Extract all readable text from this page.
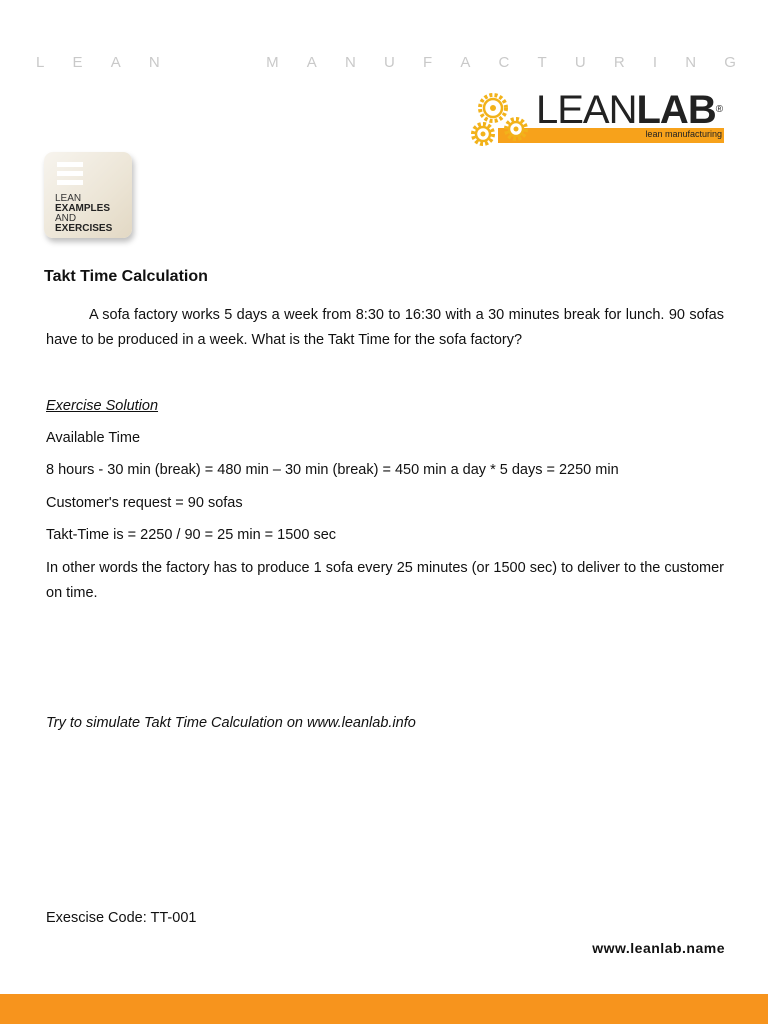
L E A N	M A N U F A C T U R I N G
LEANLAB®
lean manufacturing
LEAN
EXAMPLES
AND
EXERCISES
Takt Time Calculation
A sofa factory works 5 days a week from 8:30 to 16:30 with a 30 minutes break for lunch. 90 sofas have to be produced in a week. What is the Takt Time for the sofa factory?
Exercise Solution
Available Time
8 hours - 30 min (break) = 480 min – 30 min (break) = 450 min a day * 5 days = 2250 min
Customer's request = 90 sofas
Takt-Time is = 2250 / 90 = 25 min = 1500 sec
In other words the factory has to produce 1 sofa every 25 minutes (or 1500 sec) to deliver to the customer on time.
Try to simulate Takt Time Calculation on www.leanlab.info
Exescise Code: TT-001
www.leanlab.name
